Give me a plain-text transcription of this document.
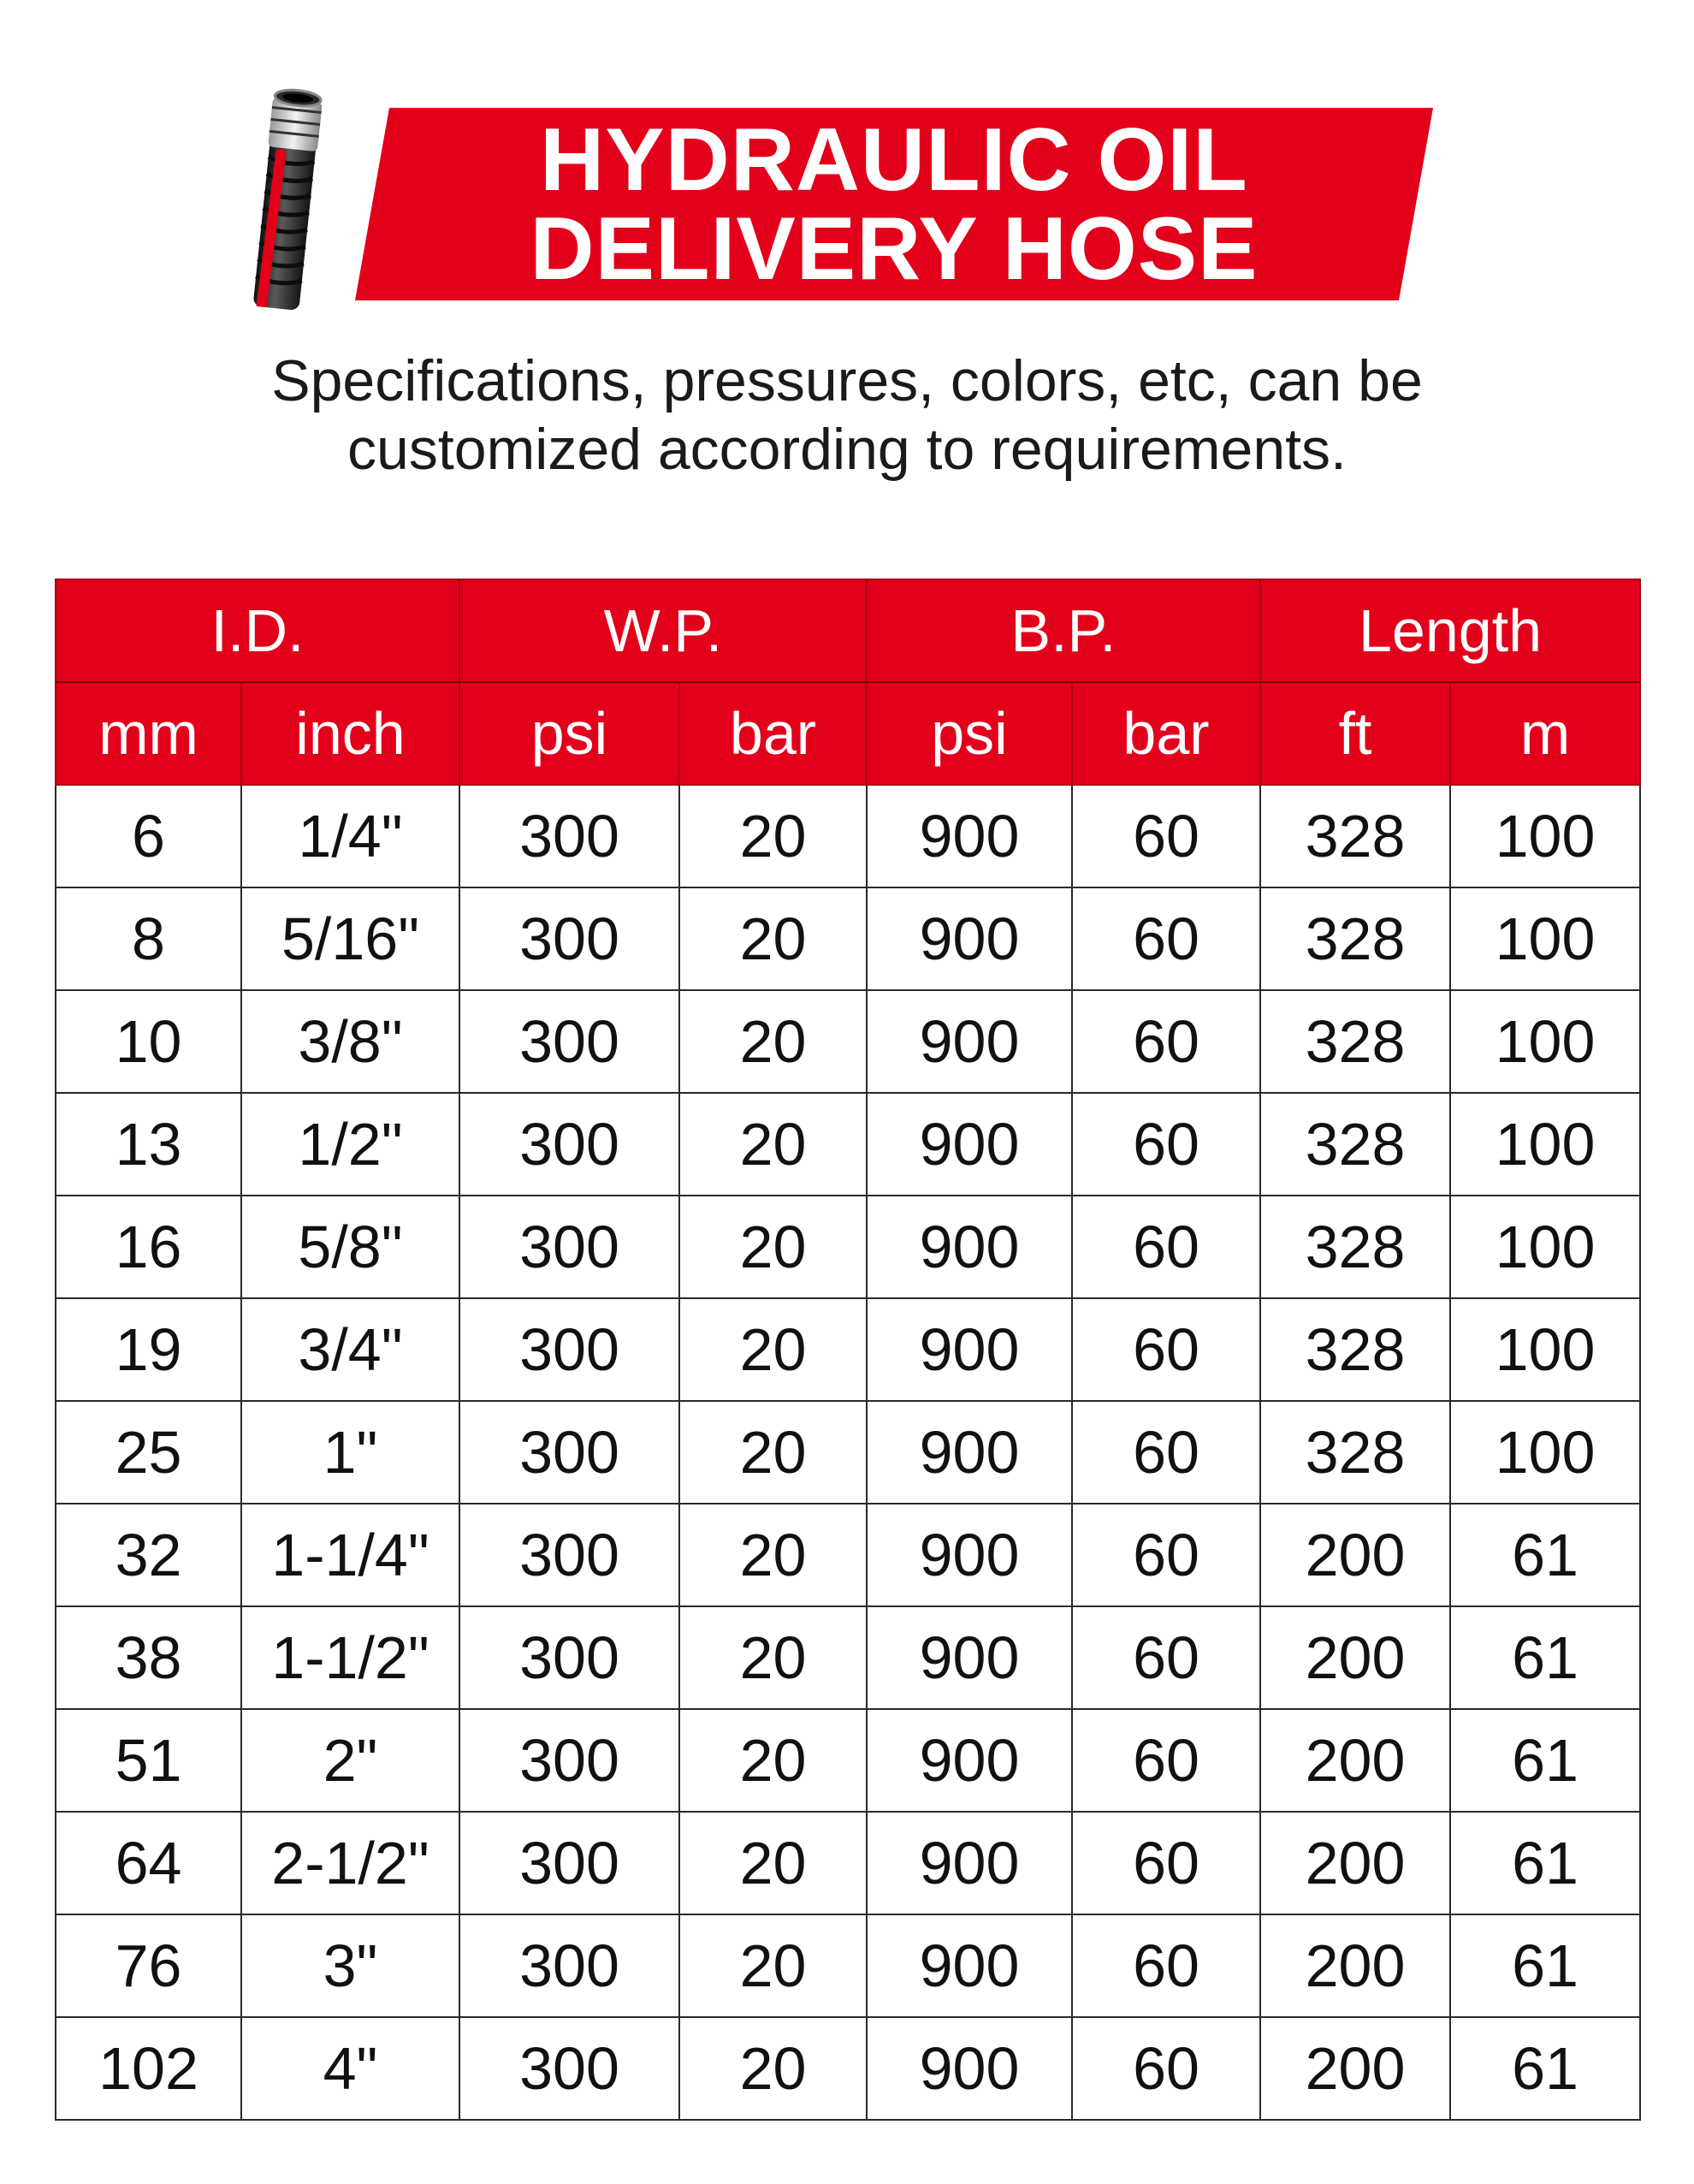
HYDRAULIC OIL
DELIVERY HOSE
Specifications, pressures, colors, etc, can be
customized according to requirements.
I.D.		W.P.		B.P.		Length	
mm	inch	psi	bar	psi	bar	ft	m
6	1/4"	300	20	900	60	328	100
8	5/16"	300	20	900	60	328	100
10	3/8"	300	20	900	60	328	100
13	1/2"	300	20	900	60	328	100
16	5/8"	300	20	900	60	328	100
19	3/4"	300	20	900	60	328	100
25	1"	300	20	900	60	328	100
32	1-1/4"	300	20	900	60	200	61
38	1-1/2"	300	20	900	60	200	61
51	2"	300	20	900	60	200	61
64	2-1/2"	300	20	900	60	200	61
76	3"	300	20	900	60	200	61
102	4"	300	20	900	60	200	61
